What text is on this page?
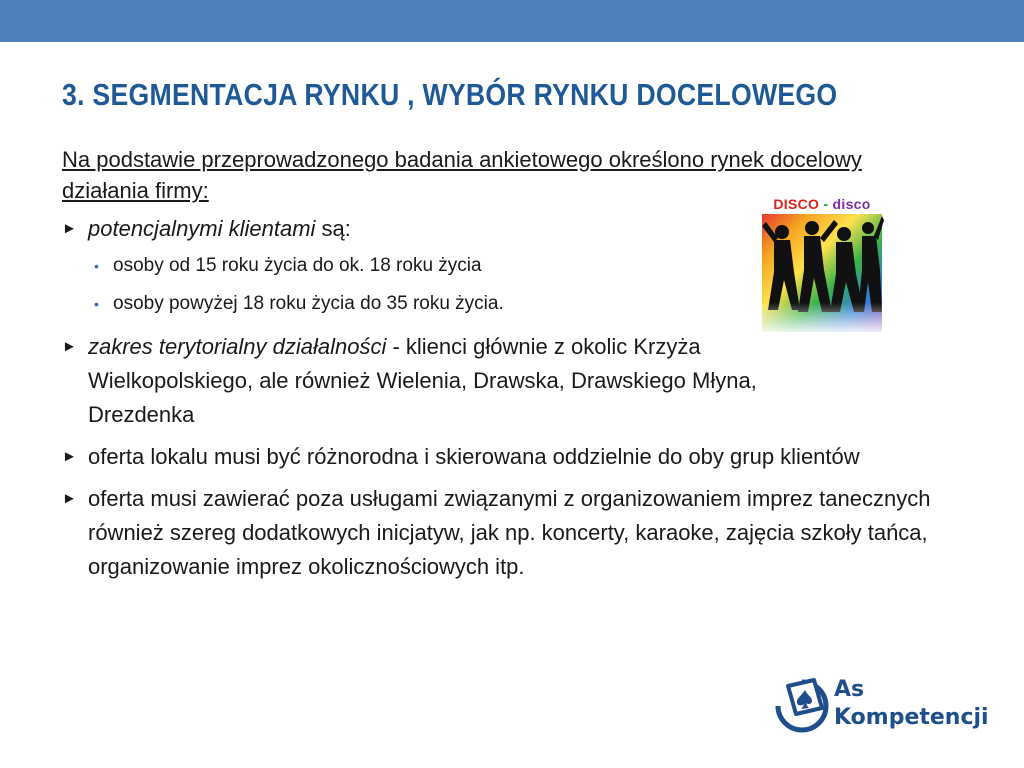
3. SEGMENTACJA RYNKU , WYBÓR RYNKU DOCELOWEGO

Na podstawie przeprowadzonego badania ankietowego określono rynek docelowy działania firmy:

► potencjalnymi klientami są:
• osoby od 15 roku życia do ok. 18 roku życia
• osoby powyżej 18 roku życia do 35 roku życia.
► zakres terytorialny działalności - klienci głównie z okolic Krzyża Wielkopolskiego, ale również Wielenia, Drawska, Drawskiego Młyna, Drezdenka
► oferta lokalu musi być różnorodna i skierowana oddzielnie do oby grup klientów
► oferta musi zawierać poza usługami związanymi z organizowaniem imprez tanecznych również szereg dodatkowych inicjatyw, jak np. koncerty, karaoke, zajęcia szkoły tańca, organizowanie imprez okolicznościowych itp.
DISCO - disco
As
Kompetencji
